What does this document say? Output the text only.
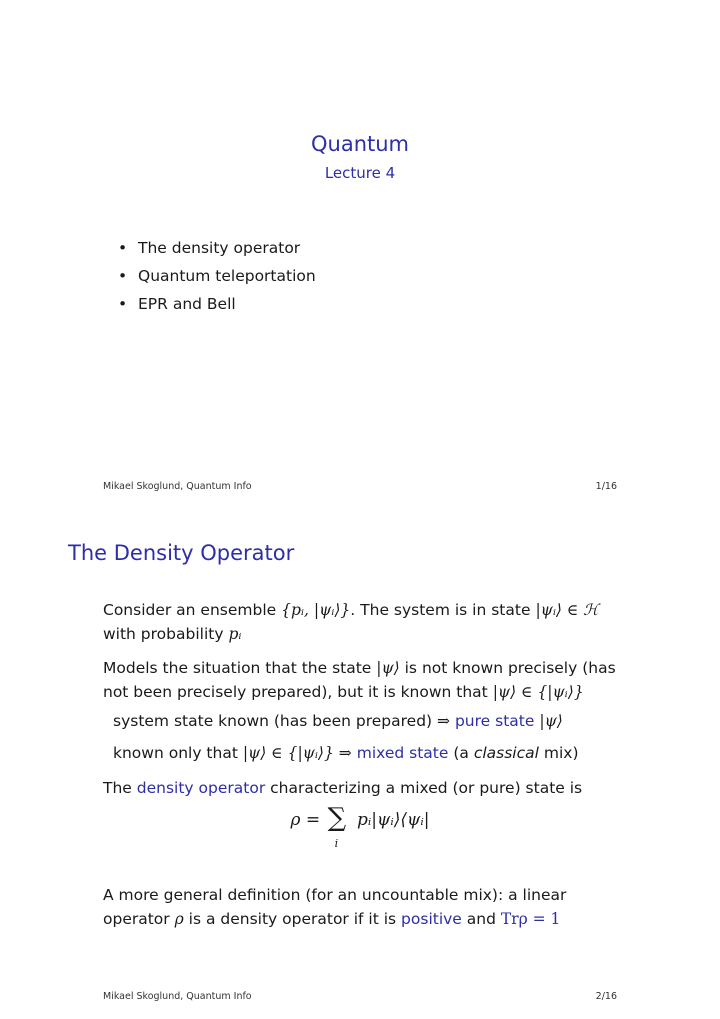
Quantum
Lecture 4
• The density operator
• Quantum teleportation
• EPR and Bell
Mikael Skoglund, Quantum Info	1/16
The Density Operator
Consider an ensemble {pᵢ, |ψᵢ⟩}. The system is in state |ψᵢ⟩ ∈ ℋ
with probability pᵢ
Models the situation that the state |ψ⟩ is not known precisely (has
not been precisely prepared), but it is known that |ψ⟩ ∈ {|ψᵢ⟩}
system state known (has been prepared) ⇒ pure state |ψ⟩
known only that |ψ⟩ ∈ {|ψᵢ⟩} ⇒ mixed state (a classical mix)
The density operator characterizing a mixed (or pure) state is
ρ = ∑
i
pᵢ|ψᵢ⟩⟨ψᵢ|
A more general definition (for an uncountable mix): a linear
operator ρ is a density operator if it is positive and Trρ = 1
Mikael Skoglund, Quantum Info	2/16
